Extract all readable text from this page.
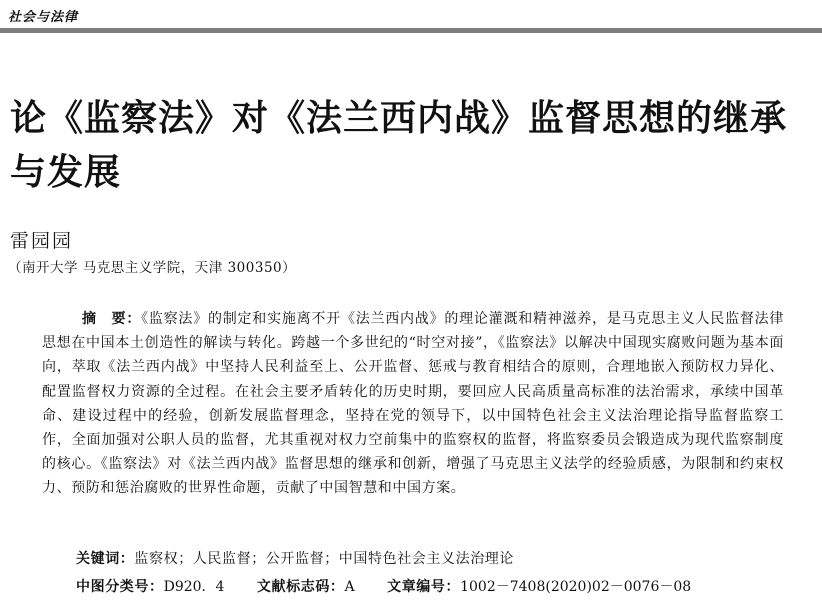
社会与法律
论《监察法》对《法兰西内战》监督思想的继承与发展
雷园园
（南开大学 马克思主义学院，天津 300350）

摘　要：《监察法》的制定和实施离不开《法兰西内战》的理论灌溉和精神滋养，是马克思主义人民监督法律思想在中国本土创造性的解读与转化。跨越一个多世纪的“时空对接”，《监察法》以解决中国现实腐败问题为基本面向，萃取《法兰西内战》中坚持人民利益至上、公开监督、惩戒与教育相结合的原则，合理地嵌入预防权力异化、配置监督权力资源的全过程。在社会主要矛盾转化的历史时期，要回应人民高质量高标准的法治需求，承续中国革命、建设过程中的经验，创新发展监督理念，坚持在党的领导下，以中国特色社会主义法治理论指导监督监察工作，全面加强对公职人员的监督，尤其重视对权力空前集中的监察权的监督，将监察委员会锻造成为现代监察制度的核心。《监察法》对《法兰西内战》监督思想的继承和创新，增强了马克思主义法学的经验质感，为限制和约束权力、预防和惩治腐败的世界性命题，贡献了中国智慧和中国方案。

关键词：监察权；人民监督；公开监督；中国特色社会主义法治理论
中图分类号：D920．4 文献标志码：A 文章编号：1002－7408(2020)02－0076－08
